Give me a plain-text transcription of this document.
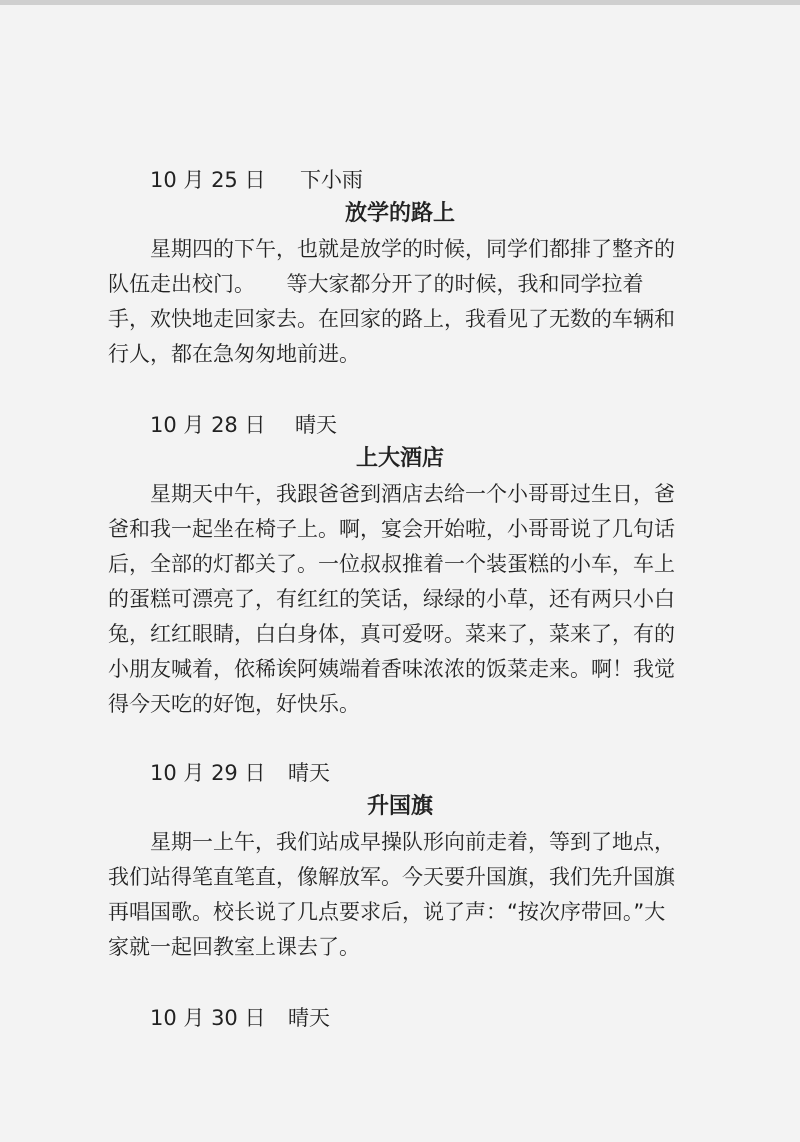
10 月 25 日 下小雨
放学的路上
星期四的下午，也就是放学的时候，同学们都排了整齐的
队伍走出校门。　　等大家都分开了的时候，我和同学拉着
手，欢快地走回家去。在回家的路上，我看见了无数的车辆和
行人，都在急匆匆地前进。
10 月 28 日 晴天
上大酒店
星期天中午，我跟爸爸到酒店去给一个小哥哥过生日，爸
爸和我一起坐在椅子上。啊，宴会开始啦，小哥哥说了几句话
后，全部的灯都关了。一位叔叔推着一个装蛋糕的小车，车上
的蛋糕可漂亮了，有红红的笑话，绿绿的小草，还有两只小白
兔，红红眼睛，白白身体，真可爱呀。菜来了，菜来了，有的
小朋友喊着，依稀诶阿姨端着香味浓浓的饭菜走来。啊！我觉
得今天吃的好饱，好快乐。
10 月 29 日 晴天
升国旗
星期一上午，我们站成早操队形向前走着，等到了地点，
我们站得笔直笔直，像解放军。今天要升国旗，我们先升国旗
再唱国歌。校长说了几点要求后，说了声：“按次序带回。”大
家就一起回教室上课去了。
10 月 30 日 晴天
